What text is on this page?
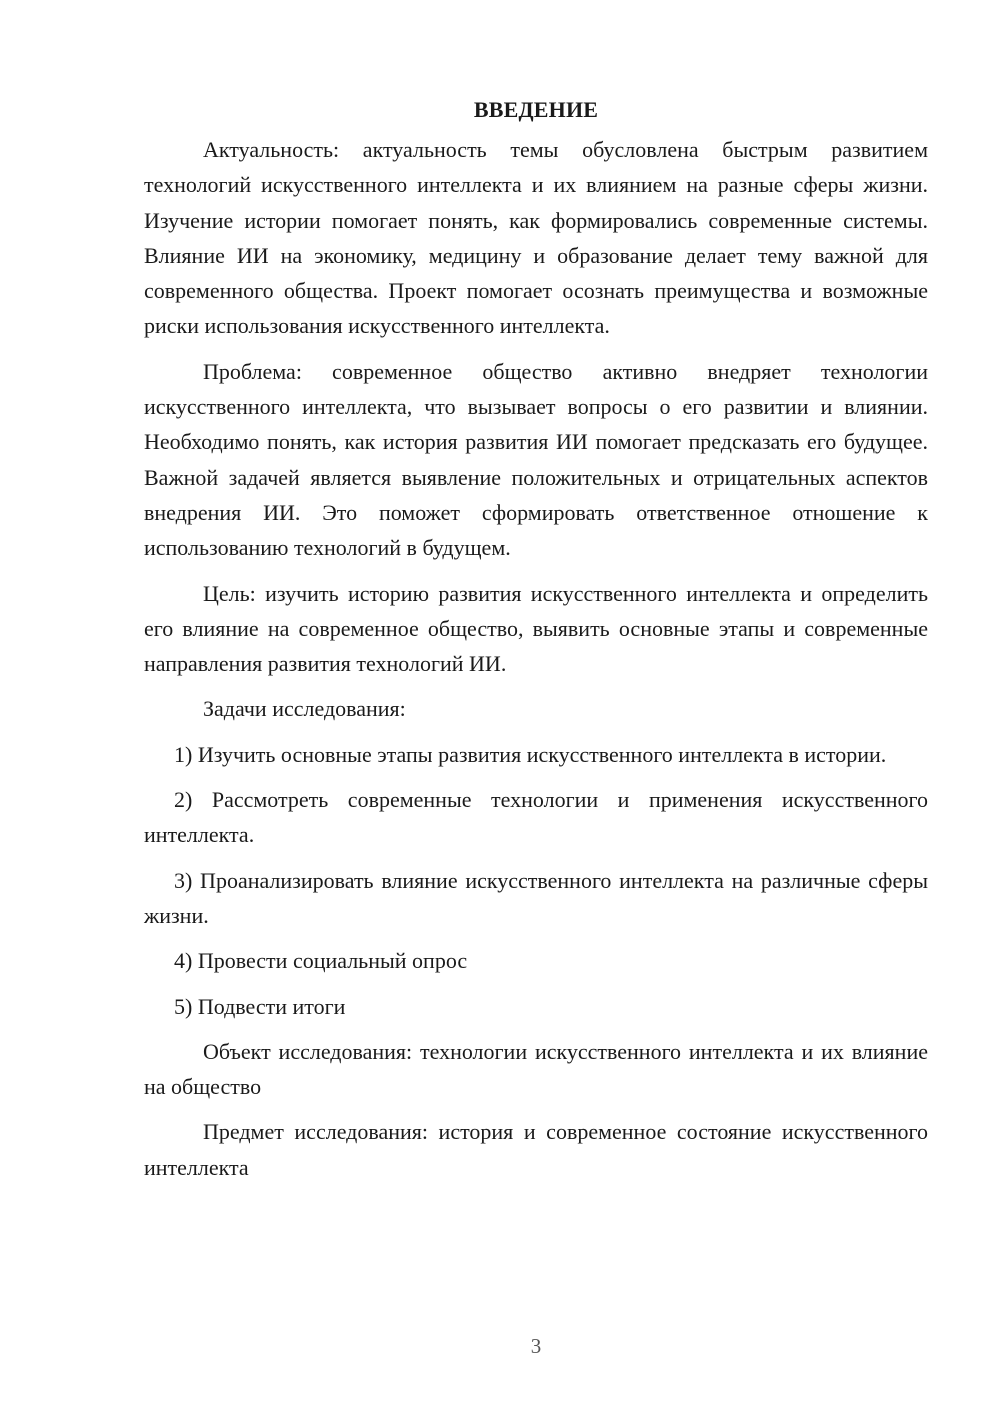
ВВЕДЕНИЕ

Актуальность: актуальность темы обусловлена быстрым развитием технологий искусственного интеллекта и их влиянием на разные сферы жизни. Изучение истории помогает понять, как формировались современные системы. Влияние ИИ на экономику, медицину и образование делает тему важной для современного общества. Проект помогает осознать преимущества и возможные риски использования искусственного интеллекта.

Проблема: современное общество активно внедряет технологии искусственного интеллекта, что вызывает вопросы о его развитии и влиянии. Необходимо понять, как история развития ИИ помогает предсказать его будущее. Важной задачей является выявление положительных и отрицательных аспектов внедрения ИИ. Это поможет сформировать ответственное отношение к использованию технологий в будущем.

Цель: изучить историю развития искусственного интеллекта и определить его влияние на современное общество, выявить основные этапы и современные направления развития технологий ИИ.

Задачи исследования:

1) Изучить основные этапы развития искусственного интеллекта в истории.

2) Рассмотреть современные технологии и применения искусственного интеллекта.

3) Проанализировать влияние искусственного интеллекта на различные сферы жизни.

4) Провести социальный опрос

5) Подвести итоги

Объект исследования: технологии искусственного интеллекта и их влияние на общество

Предмет исследования: история и современное состояние искусственного интеллекта

3
